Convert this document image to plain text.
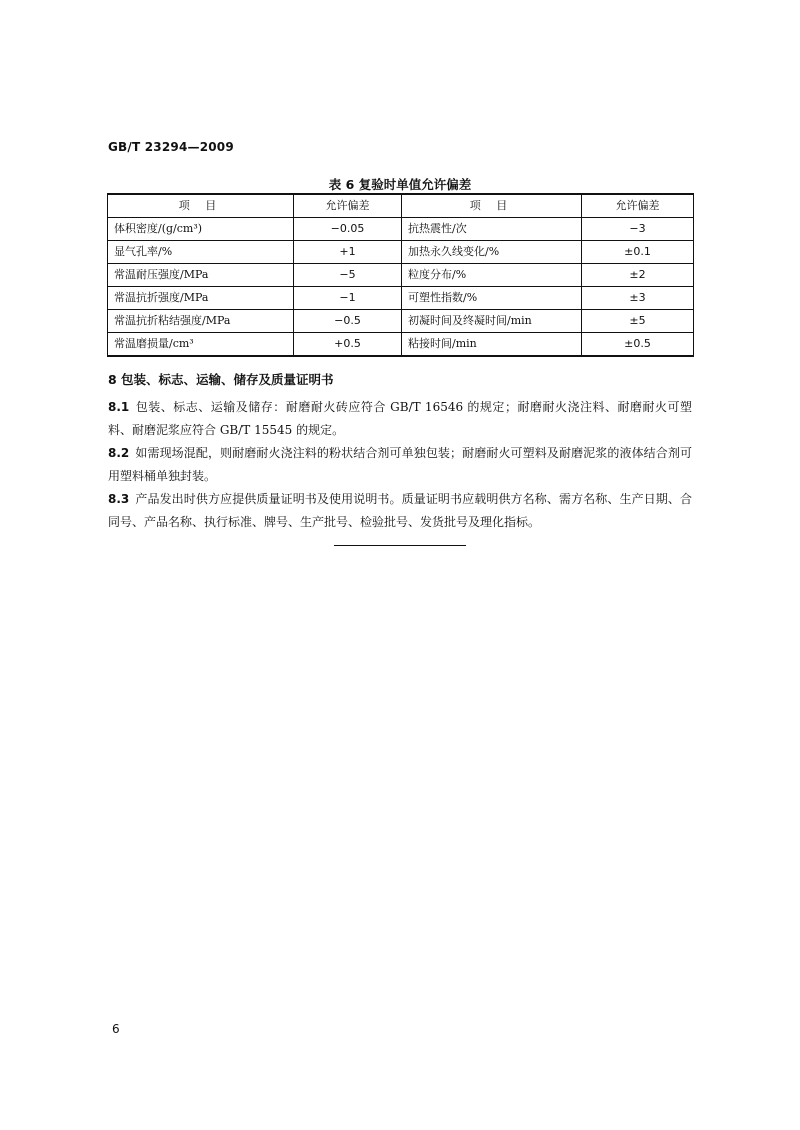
GB/T 23294—2009
表 6 复验时单值允许偏差
项 目	允许偏差	项 目	允许偏差
体积密度/(g/cm³)	−0.05	抗热震性/次	−3
显气孔率/%	+1	加热永久线变化/%	±0.1
常温耐压强度/MPa	−5	粒度分布/%	±2
常温抗折强度/MPa	−1	可塑性指数/%	±3
常温抗折粘结强度/MPa	−0.5	初凝时间及终凝时间/min	±5
常温磨损量/cm³	+0.5	粘接时间/min	±0.5
8 包装、标志、运输、储存及质量证明书
8.1 包装、标志、运输及储存：耐磨耐火砖应符合 GB/T 16546 的规定；耐磨耐火浇注料、耐磨耐火可塑料、耐磨泥浆应符合 GB/T 15545 的规定。
8.2 如需现场混配，则耐磨耐火浇注料的粉状结合剂可单独包装；耐磨耐火可塑料及耐磨泥浆的液体结合剂可用塑料桶单独封装。
8.3 产品发出时供方应提供质量证明书及使用说明书。质量证明书应载明供方名称、需方名称、生产日期、合同号、产品名称、执行标准、牌号、生产批号、检验批号、发货批号及理化指标。
6
